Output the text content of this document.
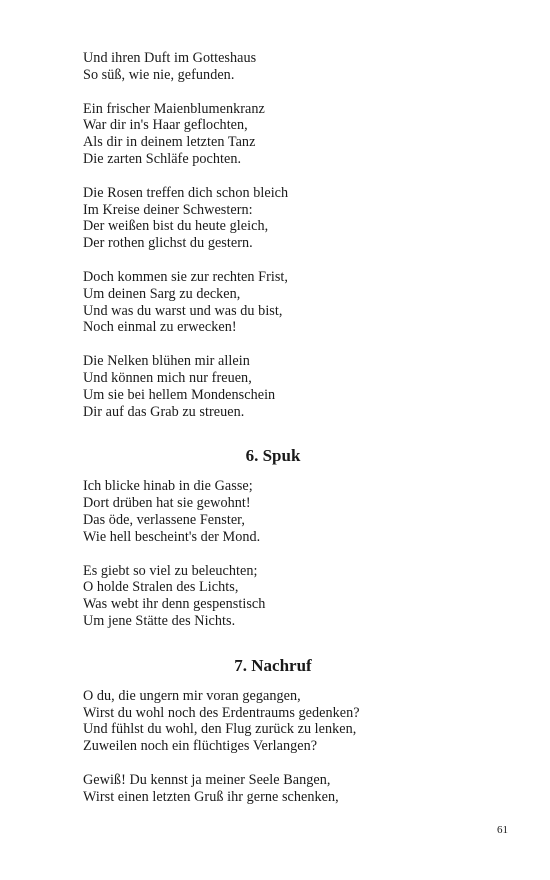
Und ihren Duft im Gotteshaus
So süß, wie nie, gefunden.
Ein frischer Maienblumenkranz
War dir in's Haar geflochten,
Als dir in deinem letzten Tanz
Die zarten Schläfe pochten.
Die Rosen treffen dich schon bleich
Im Kreise deiner Schwestern:
Der weißen bist du heute gleich,
Der rothen glichst du gestern.
Doch kommen sie zur rechten Frist,
Um deinen Sarg zu decken,
Und was du warst und was du bist,
Noch einmal zu erwecken!
Die Nelken blühen mir allein
Und können mich nur freuen,
Um sie bei hellem Mondenschein
Dir auf das Grab zu streuen.
6. Spuk
Ich blicke hinab in die Gasse;
Dort drüben hat sie gewohnt!
Das öde, verlassene Fenster,
Wie hell bescheint's der Mond.
Es giebt so viel zu beleuchten;
O holde Stralen des Lichts,
Was webt ihr denn gespenstisch
Um jene Stätte des Nichts.
7. Nachruf
O du, die ungern mir voran gegangen,
Wirst du wohl noch des Erdentraums gedenken?
Und fühlst du wohl, den Flug zurück zu lenken,
Zuweilen noch ein flüchtiges Verlangen?
Gewiß! Du kennst ja meiner Seele Bangen,
Wirst einen letzten Gruß ihr gerne schenken,
61
